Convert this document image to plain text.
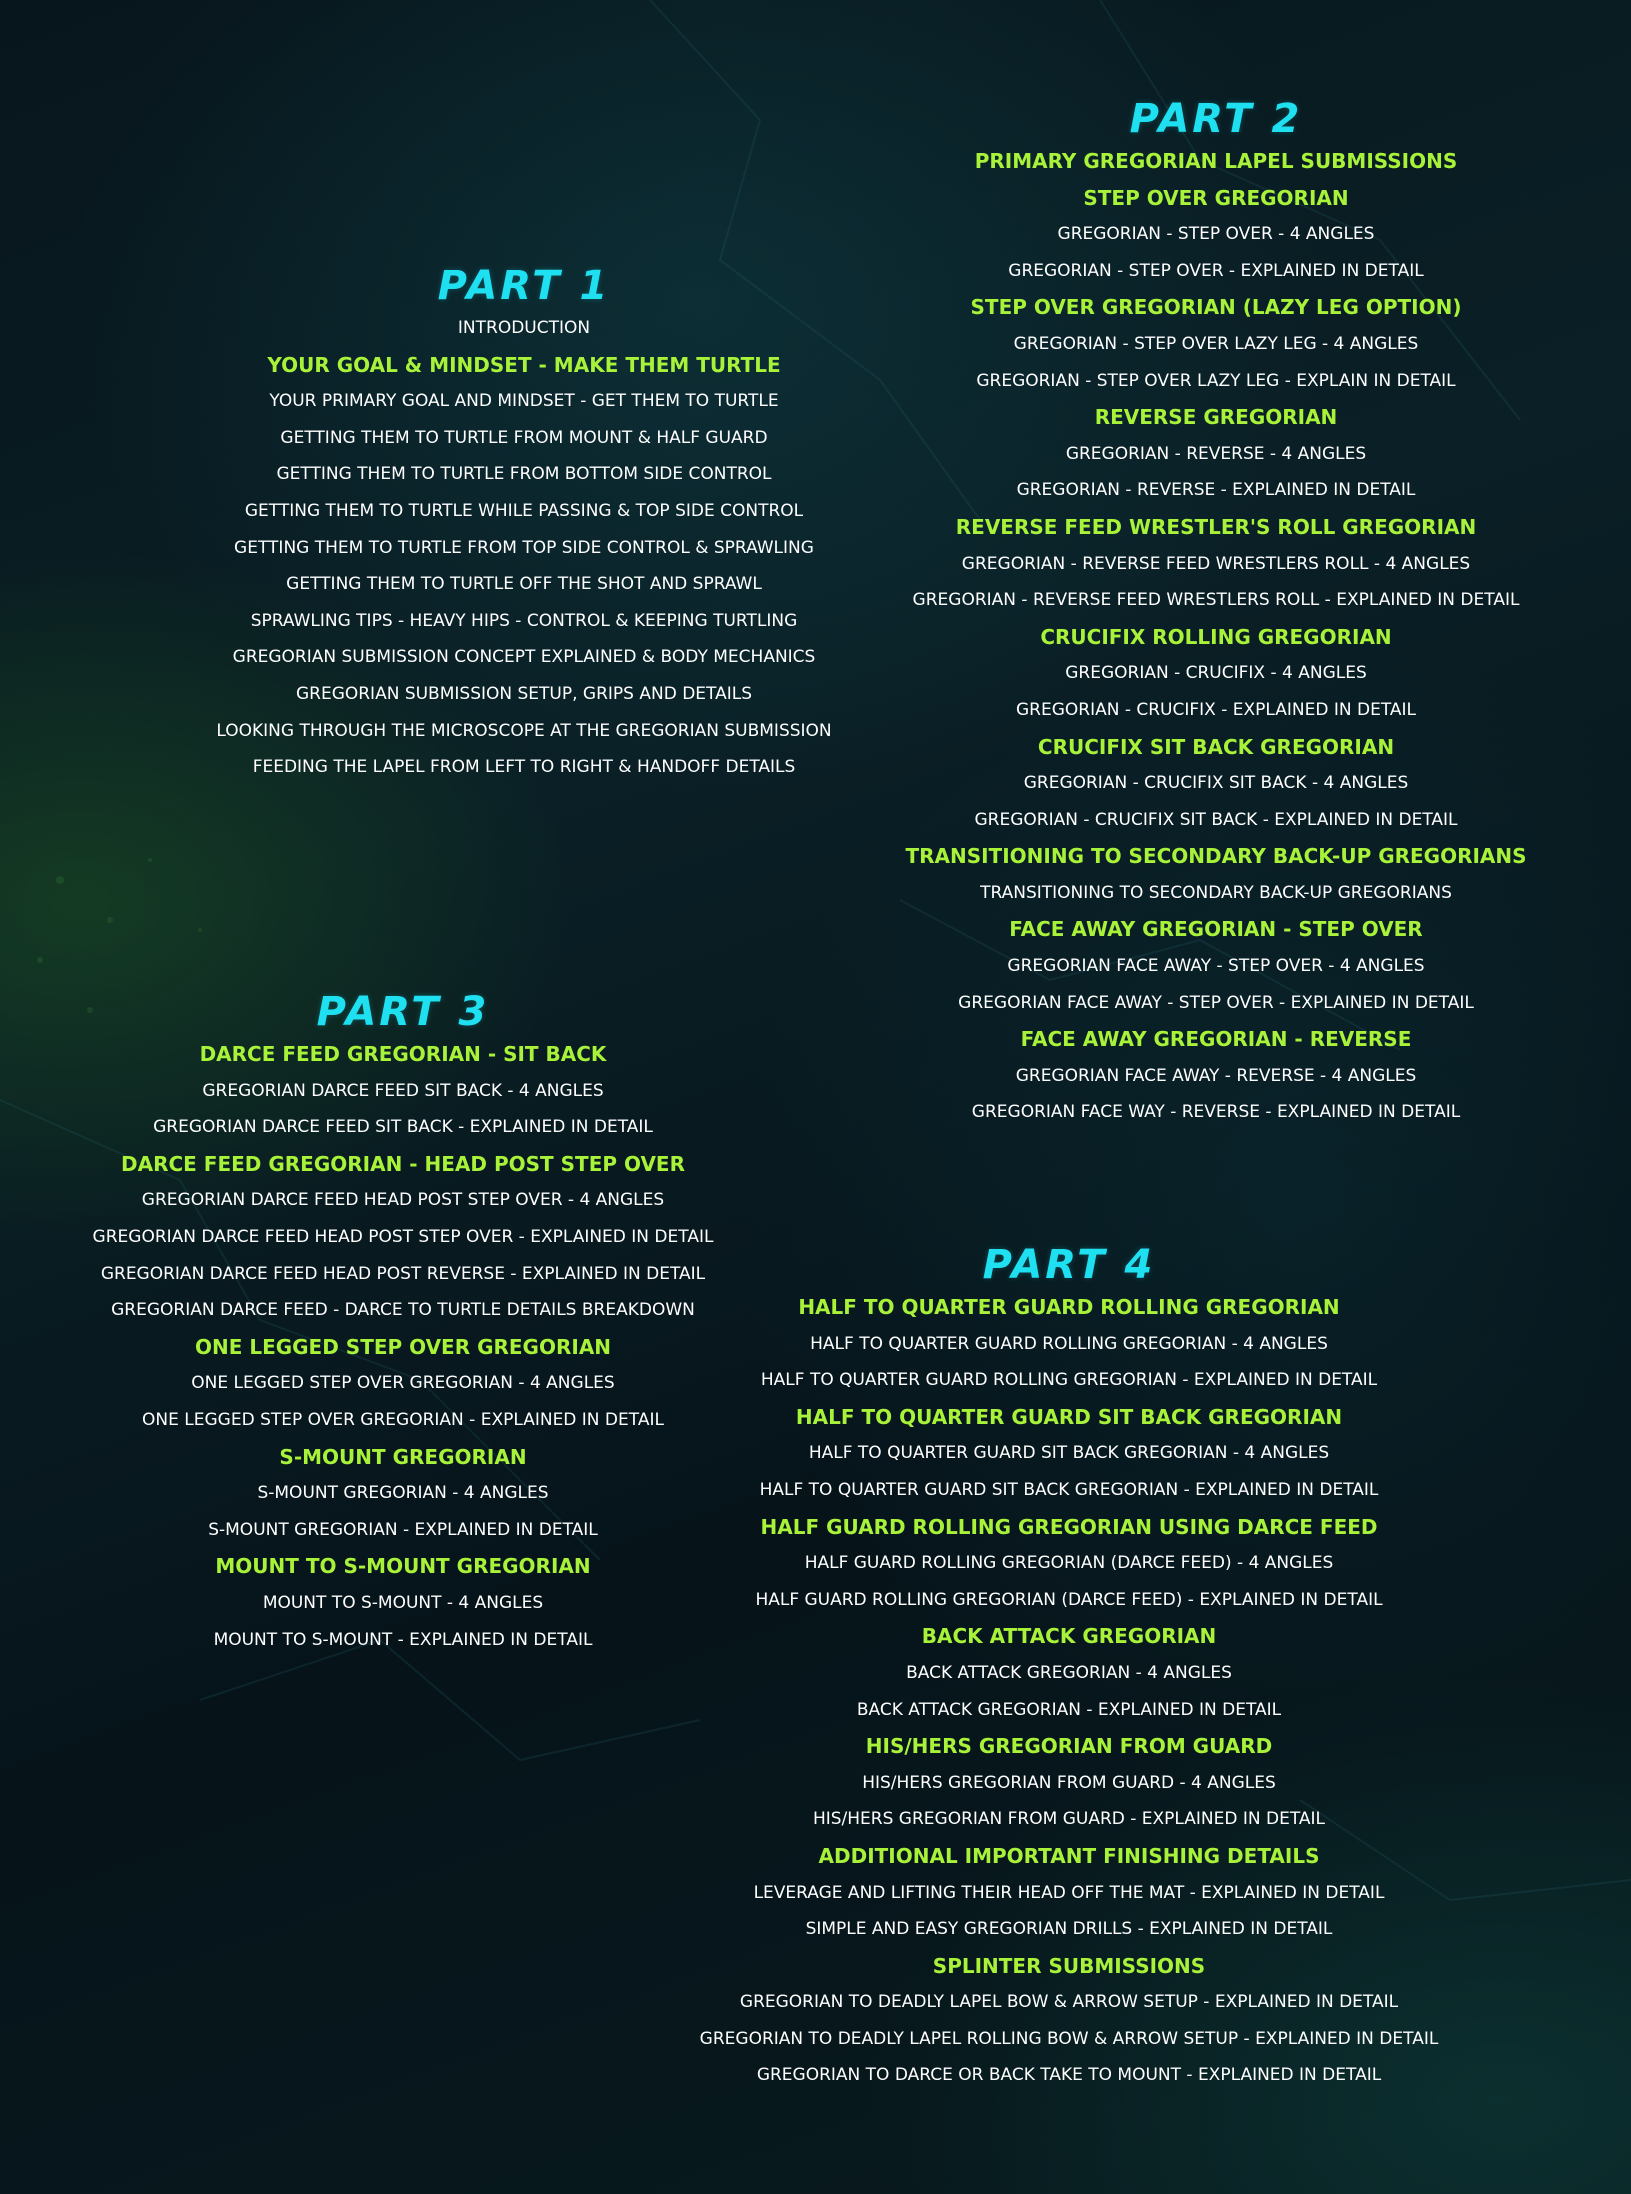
PART 1
INTRODUCTION
YOUR GOAL & MINDSET - MAKE THEM TURTLE
YOUR PRIMARY GOAL AND MINDSET - GET THEM TO TURTLE
GETTING THEM TO TURTLE FROM MOUNT & HALF GUARD
GETTING THEM TO TURTLE FROM BOTTOM SIDE CONTROL
GETTING THEM TO TURTLE WHILE PASSING & TOP SIDE CONTROL
GETTING THEM TO TURTLE FROM TOP SIDE CONTROL & SPRAWLING
GETTING THEM TO TURTLE OFF THE SHOT AND SPRAWL
SPRAWLING TIPS - HEAVY HIPS - CONTROL & KEEPING TURTLING
GREGORIAN SUBMISSION CONCEPT EXPLAINED & BODY MECHANICS
GREGORIAN SUBMISSION SETUP, GRIPS AND DETAILS
LOOKING THROUGH THE MICROSCOPE AT THE GREGORIAN SUBMISSION
FEEDING THE LAPEL FROM LEFT TO RIGHT & HANDOFF DETAILS
PART 2
PRIMARY GREGORIAN LAPEL SUBMISSIONS
STEP OVER GREGORIAN
GREGORIAN - STEP OVER - 4 ANGLES
GREGORIAN - STEP OVER - EXPLAINED IN DETAIL
STEP OVER GREGORIAN (LAZY LEG OPTION)
GREGORIAN - STEP OVER LAZY LEG - 4 ANGLES
GREGORIAN - STEP OVER LAZY LEG - EXPLAIN IN DETAIL
REVERSE GREGORIAN
GREGORIAN - REVERSE - 4 ANGLES
GREGORIAN - REVERSE - EXPLAINED IN DETAIL
REVERSE FEED WRESTLER'S ROLL GREGORIAN
GREGORIAN - REVERSE FEED WRESTLERS ROLL - 4 ANGLES
GREGORIAN - REVERSE FEED WRESTLERS ROLL - EXPLAINED IN DETAIL
CRUCIFIX ROLLING GREGORIAN
GREGORIAN - CRUCIFIX - 4 ANGLES
GREGORIAN - CRUCIFIX - EXPLAINED IN DETAIL
CRUCIFIX SIT BACK GREGORIAN
GREGORIAN - CRUCIFIX SIT BACK - 4 ANGLES
GREGORIAN - CRUCIFIX SIT BACK - EXPLAINED IN DETAIL
TRANSITIONING TO SECONDARY BACK-UP GREGORIANS
TRANSITIONING TO SECONDARY BACK-UP GREGORIANS
FACE AWAY GREGORIAN - STEP OVER
GREGORIAN FACE AWAY - STEP OVER - 4 ANGLES
GREGORIAN FACE AWAY - STEP OVER - EXPLAINED IN DETAIL
FACE AWAY GREGORIAN - REVERSE
GREGORIAN FACE AWAY - REVERSE - 4 ANGLES
GREGORIAN FACE WAY - REVERSE - EXPLAINED IN DETAIL
PART 3
DARCE FEED GREGORIAN - SIT BACK
GREGORIAN DARCE FEED SIT BACK - 4 ANGLES
GREGORIAN DARCE FEED SIT BACK - EXPLAINED IN DETAIL
DARCE FEED GREGORIAN - HEAD POST STEP OVER
GREGORIAN DARCE FEED HEAD POST STEP OVER - 4 ANGLES
GREGORIAN DARCE FEED HEAD POST STEP OVER - EXPLAINED IN DETAIL
GREGORIAN DARCE FEED HEAD POST REVERSE - EXPLAINED IN DETAIL
GREGORIAN DARCE FEED - DARCE TO TURTLE DETAILS BREAKDOWN
ONE LEGGED STEP OVER GREGORIAN
ONE LEGGED STEP OVER GREGORIAN - 4 ANGLES
ONE LEGGED STEP OVER GREGORIAN - EXPLAINED IN DETAIL
S-MOUNT GREGORIAN
S-MOUNT GREGORIAN - 4 ANGLES
S-MOUNT GREGORIAN - EXPLAINED IN DETAIL
MOUNT TO S-MOUNT GREGORIAN
MOUNT TO S-MOUNT - 4 ANGLES
MOUNT TO S-MOUNT - EXPLAINED IN DETAIL
PART 4
HALF TO QUARTER GUARD ROLLING GREGORIAN
HALF TO QUARTER GUARD ROLLING GREGORIAN - 4 ANGLES
HALF TO QUARTER GUARD ROLLING GREGORIAN - EXPLAINED IN DETAIL
HALF TO QUARTER GUARD SIT BACK GREGORIAN
HALF TO QUARTER GUARD SIT BACK GREGORIAN - 4 ANGLES
HALF TO QUARTER GUARD SIT BACK GREGORIAN - EXPLAINED IN DETAIL
HALF GUARD ROLLING GREGORIAN USING DARCE FEED
HALF GUARD ROLLING GREGORIAN (DARCE FEED) - 4 ANGLES
HALF GUARD ROLLING GREGORIAN (DARCE FEED) - EXPLAINED IN DETAIL
BACK ATTACK GREGORIAN
BACK ATTACK GREGORIAN - 4 ANGLES
BACK ATTACK GREGORIAN - EXPLAINED IN DETAIL
HIS/HERS GREGORIAN FROM GUARD
HIS/HERS GREGORIAN FROM GUARD - 4 ANGLES
HIS/HERS GREGORIAN FROM GUARD - EXPLAINED IN DETAIL
ADDITIONAL IMPORTANT FINISHING DETAILS
LEVERAGE AND LIFTING THEIR HEAD OFF THE MAT - EXPLAINED IN DETAIL
SIMPLE AND EASY GREGORIAN DRILLS - EXPLAINED IN DETAIL
SPLINTER SUBMISSIONS
GREGORIAN TO DEADLY LAPEL BOW & ARROW SETUP - EXPLAINED IN DETAIL
GREGORIAN TO DEADLY LAPEL ROLLING BOW & ARROW SETUP - EXPLAINED IN DETAIL
GREGORIAN TO DARCE OR BACK TAKE TO MOUNT - EXPLAINED IN DETAIL
